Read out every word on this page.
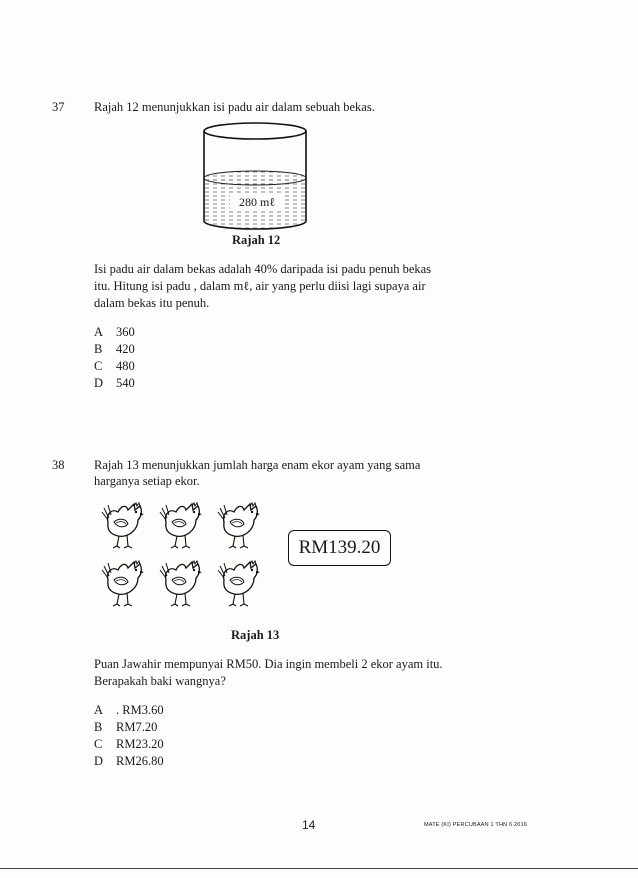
37 Rajah 12 menunjukkan isi padu air dalam sebuah bekas.
280 mℓ
Rajah 12
Isi padu air dalam bekas adalah 40% daripada isi padu penuh bekas
itu. Hitung isi padu , dalam mℓ, air yang perlu diisi lagi supaya air
dalam bekas itu penuh.
A 360
B 420
C 480
D 540
38 Rajah 13 menunjukkan jumlah harga enam ekor ayam yang sama
harganya setiap ekor.
RM139.20
Rajah 13
Puan Jawahir mempunyai RM50. Dia ingin membeli 2 ekor ayam itu.
Berapakah baki wangnya?
A . RM3.60
B RM7.20
C RM23.20
D RM26.80
14	MATE (KI) PERCUBAAN 1 THN 6 2016
